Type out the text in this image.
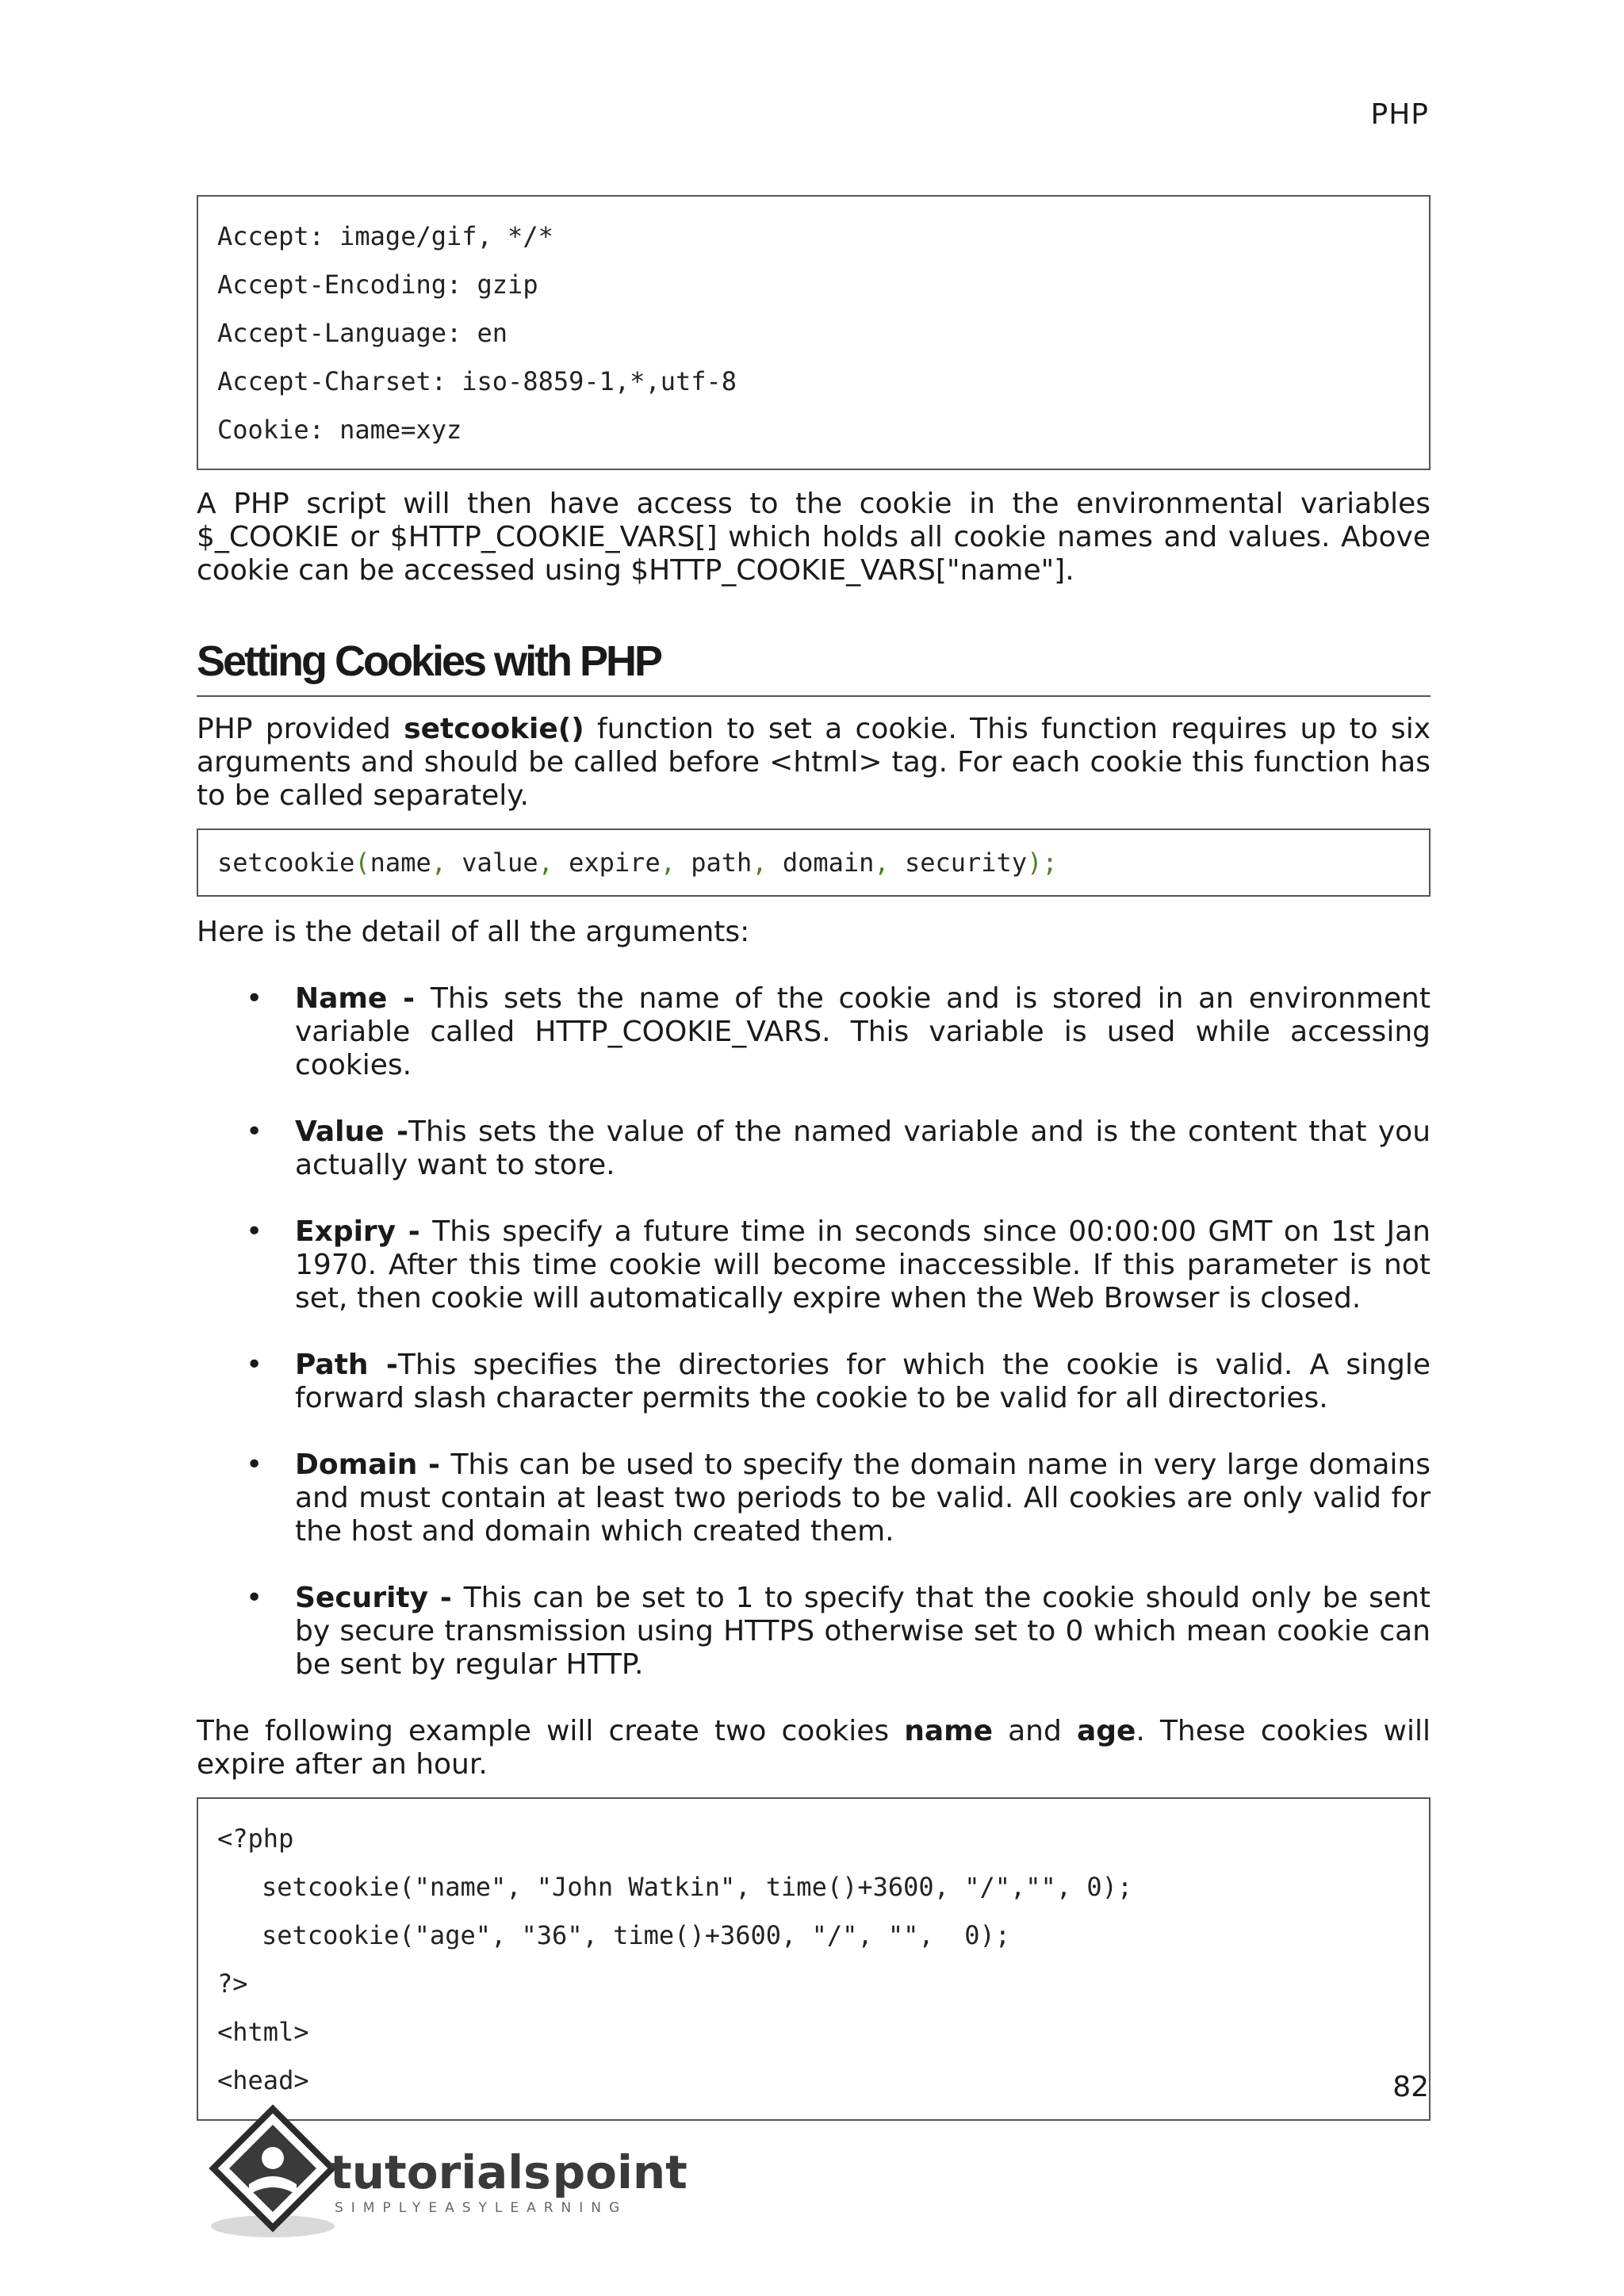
PHP
Accept: image/gif, */*
Accept-Encoding: gzip
Accept-Language: en
Accept-Charset: iso-8859-1,*,utf-8
Cookie: name=xyz

A PHP script will then have access to the cookie in the environmental variables $_COOKIE or $HTTP_COOKIE_VARS[] which holds all cookie names and values. Above cookie can be accessed using $HTTP_COOKIE_VARS["name"].

Setting Cookies with PHP

PHP provided setcookie() function to set a cookie. This function requires up to six arguments and should be called before <html> tag. For each cookie this function has to be called separately.

setcookie(name, value, expire, path, domain, security);

Here is the detail of all the arguments:

• Name - This sets the name of the cookie and is stored in an environment variable called HTTP_COOKIE_VARS. This variable is used while accessing cookies.

• Value -This sets the value of the named variable and is the content that you actually want to store.

• Expiry - This specify a future time in seconds since 00:00:00 GMT on 1st Jan 1970. After this time cookie will become inaccessible. If this parameter is not set, then cookie will automatically expire when the Web Browser is closed.

• Path -This specifies the directories for which the cookie is valid. A single forward slash character permits the cookie to be valid for all directories.

• Domain - This can be used to specify the domain name in very large domains and must contain at least two periods to be valid. All cookies are only valid for the host and domain which created them.

• Security - This can be set to 1 to specify that the cookie should only be sent by secure transmission using HTTPS otherwise set to 0 which mean cookie can be sent by regular HTTP.

The following example will create two cookies name and age. These cookies will expire after an hour.

<?php
setcookie("name", "John Watkin", time()+3600, "/","", 0);
setcookie("age", "36", time()+3600, "/", "",  0);
?>
<html>
<head>	82
tutorials point
SIMPLYEASYLEARNING
